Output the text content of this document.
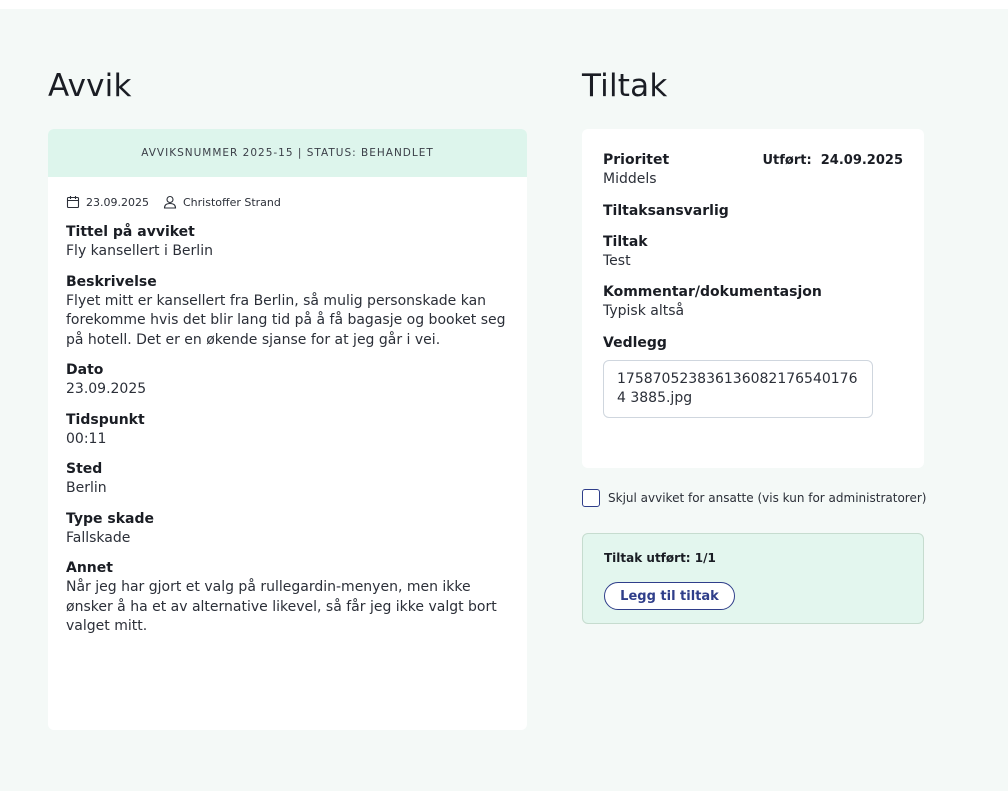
Avvik	Tiltak
AVVIKSNUMMER 2025-15 | STATUS: BEHANDLET
23.09.2025	Christoffer Strand
Tittel på avviket
Fly kansellert i Berlin
Beskrivelse
Flyet mitt er kansellert fra Berlin, så mulig personskade kan forekomme hvis det blir lang tid på å få bagasje og booket seg på hotell. Det er en økende sjanse for at jeg går i vei.
Dato
23.09.2025
Tidspunkt
00:11
Sted
Berlin
Type skade
Fallskade
Annet
Når jeg har gjort et valg på rullegardin-menyen, men ikke ønsker å ha et av alternative likevel, så får jeg ikke valgt bort valget mitt.
Prioritet	Utført: 24.09.2025
Middels
Tiltaksansvarlig
Tiltak
Test
Kommentar/dokumentasjon
Typisk altså
Vedlegg
1758705238361360821765401764 3885.jpg
Skjul avviket for ansatte (vis kun for administratorer)
Tiltak utført: 1/1
Legg til tiltak
